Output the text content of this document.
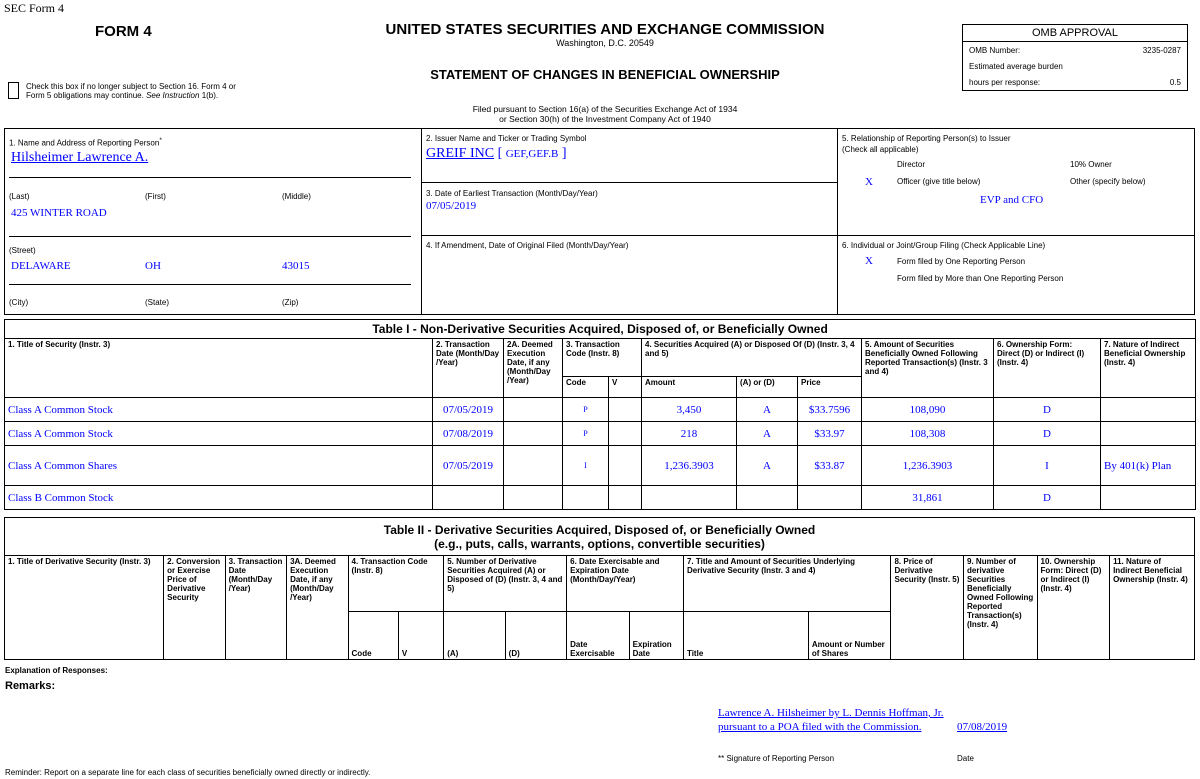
SEC Form 4
FORM 4	UNITED STATES SECURITIES AND EXCHANGE COMMISSION
Washington, D.C. 20549
STATEMENT OF CHANGES IN BENEFICIAL OWNERSHIP
Filed pursuant to Section 16(a) of the Securities Exchange Act of 1934
or Section 30(h) of the Investment Company Act of 1940
Check this box if no longer subject to Section 16. Form 4 or Form 5 obligations may continue. See Instruction 1(b).
OMB APPROVAL
OMB Number:	3235-0287
Estimated average burden
hours per response:	0.5
1. Name and Address of Reporting Person*
Hilsheimer Lawrence A.
(Last)	(First)	(Middle)
425 WINTER ROAD
(Street)
DELAWARE	OH	43015
(City)	(State)	(Zip)
2. Issuer Name and Ticker or Trading Symbol
GREIF INC [ GEF,GEF.B ]
3. Date of Earliest Transaction (Month/Day/Year)
07/05/2019
4. If Amendment, Date of Original Filed (Month/Day/Year)
5. Relationship of Reporting Person(s) to Issuer
(Check all applicable)
Director	10% Owner
X	Officer (give title below)	Other (specify below)
EVP and CFO
6. Individual or Joint/Group Filing (Check Applicable Line)
X	Form filed by One Reporting Person
Form filed by More than One Reporting Person
Table I - Non-Derivative Securities Acquired, Disposed of, or Beneficially Owned										
1. Title of Security (Instr. 3)	2. Transaction Date (Month/Day /Year)	2A. Deemed Execution Date, if any (Month/Day /Year)	3. Transaction Code (Instr. 8)		4. Securities Acquired (A) or Disposed Of (D) (Instr. 3, 4 and 5)			5. Amount of Securities Beneficially Owned Following Reported Transaction(s) (Instr. 3 and 4)	6. Ownership Form: Direct (D) or Indirect (I) (Instr. 4)	7. Nature of Indirect Beneficial Ownership (Instr. 4)
			Code	V	Amount	(A) or (D)	Price			
Class A Common Stock	07/05/2019		P		3,450	A	$33.7596	108,090	D	
Class A Common Stock	07/08/2019		P		218	A	$33.97	108,308	D	
Class A Common Shares	07/05/2019		I		1,236.3903	A	$33.87	1,236.3903	I	By 401(k) Plan
Class B Common Stock								31,861	D	
Table II - Derivative Securities Acquired, Disposed of, or Beneficially Owned
(e.g., puts, calls, warrants, options, convertible securities)															

1. Title of Derivative Security (Instr. 3)	2. Conversion or Exercise Price of Derivative Security	3. Transaction Date (Month/Day /Year)	3A. Deemed Execution Date, if any (Month/Day /Year)	4. Transaction Code (Instr. 8)		5. Number of Derivative Securities Acquired (A) or Disposed of (D) (Instr. 3, 4 and 5)		6. Date Exercisable and Expiration Date (Month/Day/Year)		7. Title and Amount of Securities Underlying Derivative Security (Instr. 3 and 4)		8. Price of Derivative Security (Instr. 5)	9. Number of derivative Securities Beneficially Owned Following Reported Transaction(s) (Instr. 4)	10. Ownership Form: Direct (D) or Indirect (I) (Instr. 4)	11. Nature of Indirect Beneficial Ownership (Instr. 4)
				Code	V	(A)	(D)	Date Exercisable	Expiration Date	Title	Amount or Number of Shares				
Explanation of Responses:
Remarks:
Lawrence A. Hilsheimer by L. Dennis Hoffman, Jr. pursuant to a POA filed with the Commission.	07/08/2019
** Signature of Reporting Person	Date
Reminder: Report on a separate line for each class of securities beneficially owned directly or indirectly.
